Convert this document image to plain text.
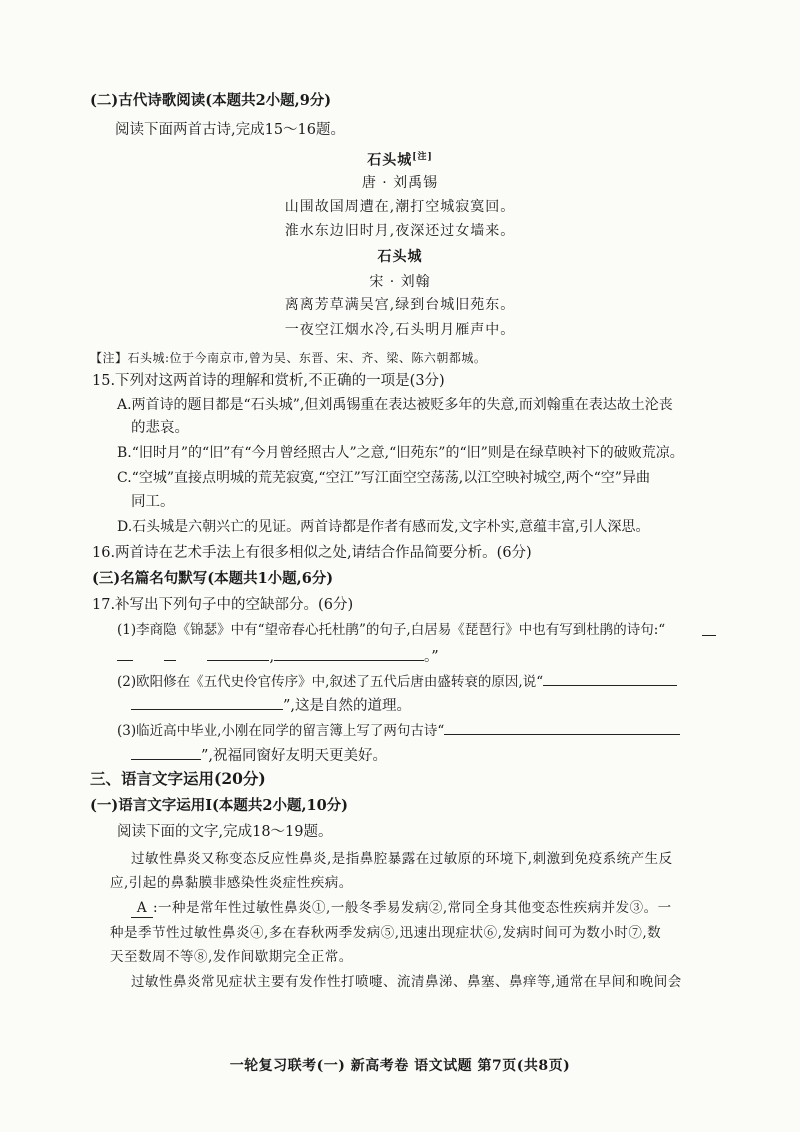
(二)古代诗歌阅读(本题共2小题,9分)
阅读下面两首古诗,完成15～16题。
石头城[注]
唐 · 刘禹锡
山围故国周遭在,潮打空城寂寞回。
淮水东边旧时月,夜深还过女墙来。
石头城
宋 · 刘翰
离离芳草满吴宫,绿到台城旧苑东。
一夜空江烟水冷,石头明月雁声中。
【注】石头城:位于今南京市,曾为吴、东晋、宋、齐、梁、陈六朝都城。
15.下列对这两首诗的理解和赏析,不正确的一项是(3分)
A.两首诗的题目都是“石头城”,但刘禹锡重在表达被贬多年的失意,而刘翰重在表达故土沦丧
的悲哀。
B.“旧时月”的“旧”有“今月曾经照古人”之意,“旧苑东”的“旧”则是在绿草映衬下的破败荒凉。
C.“空城”直接点明城的荒芜寂寞,“空江”写江面空空荡荡,以江空映衬城空,两个“空”异曲
同工。
D.石头城是六朝兴亡的见证。两首诗都是作者有感而发,文字朴实,意蕴丰富,引人深思。
16.两首诗在艺术手法上有很多相似之处,请结合作品简要分析。(6分)
(三)名篇名句默写(本题共1小题,6分)
17.补写出下列句子中的空缺部分。(6分)
(1)李商隐《锦瑟》中有“望帝春心托杜鹃”的句子,白居易《琵琶行》中也有写到杜鹃的诗句:“
,	。”
(2)欧阳修在《五代史伶官传序》中,叙述了五代后唐由盛转衰的原因,说“
”,这是自然的道理。
(3)临近高中毕业,小刚在同学的留言簿上写了两句古诗“
”,祝福同窗好友明天更美好。
三、语言文字运用(20分)
(一)语言文字运用Ⅰ(本题共2小题,10分)
阅读下面的文字,完成18～19题。
过敏性鼻炎又称变态反应性鼻炎,是指鼻腔暴露在过敏原的环境下,刺激到免疫系统产生反
应,引起的鼻黏膜非感染性炎症性疾病。
A :一种是常年性过敏性鼻炎①,一般冬季易发病②,常同全身其他变态性疾病并发③。一
种是季节性过敏性鼻炎④,多在春秋两季发病⑤,迅速出现症状⑥,发病时间可为数小时⑦,数
天至数周不等⑧,发作间歇期完全正常。
过敏性鼻炎常见症状主要有发作性打喷嚏、流清鼻涕、鼻塞、鼻痒等,通常在早间和晚间会
一轮复习联考(一) 新高考卷 语文试题 第7页(共8页)
